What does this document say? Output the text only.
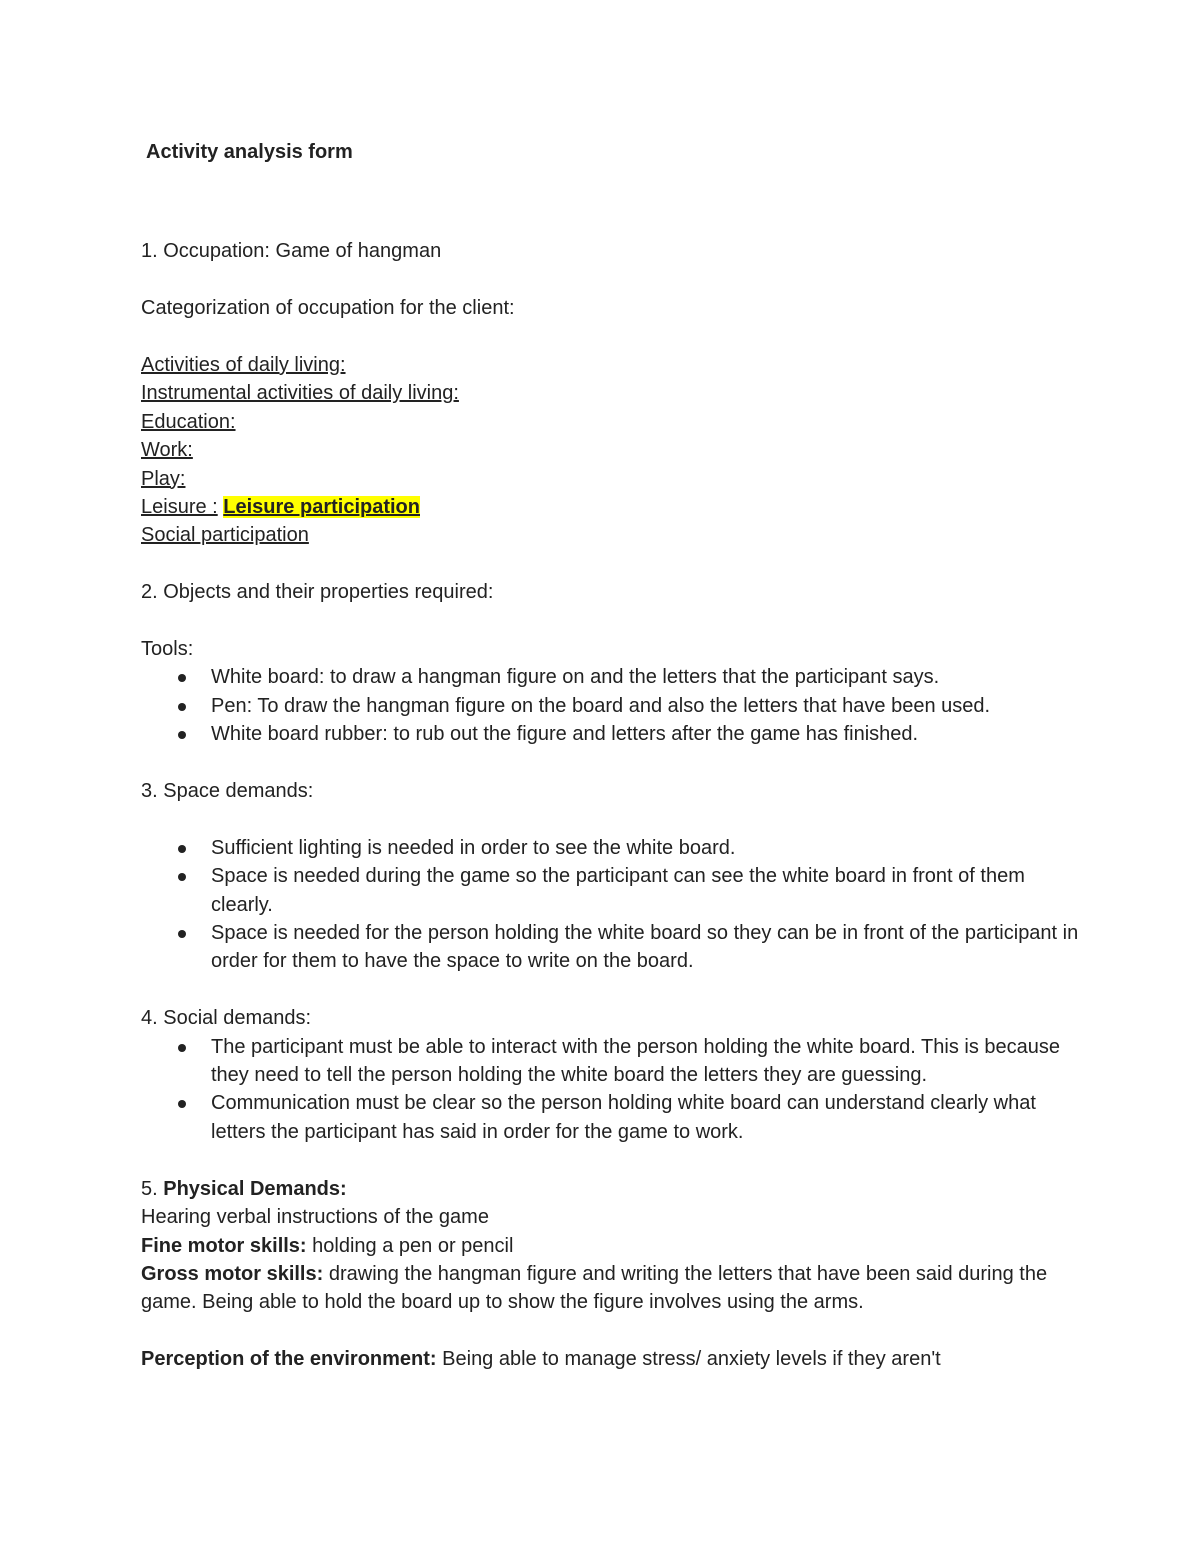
Activity analysis form
1. Occupation: Game of hangman
Categorization of occupation for the client:
Activities of daily living:
Instrumental activities of daily living:
Education:
Work:
Play:
Leisure : Leisure participation
Social participation
2. Objects and their properties required:
Tools:
White board: to draw a hangman figure on and the letters that the participant says.
Pen: To draw the hangman figure on the board and also the letters that have been used.
White board rubber: to rub out the figure and letters after the game has finished.
3. Space demands:
Sufficient lighting is needed in order to see the white board.
Space is needed during the game so the participant can see the white board in front of them clearly.
Space is needed for the person holding the white board so they can be in front of the participant in order for them to have the space to write on the board.
4. Social demands:
The participant must be able to interact with the person holding the white board. This is because they need to tell the person holding the white board the letters they are guessing.
Communication must be clear so the person holding white board can understand clearly what letters the participant has said in order for the game to work.
5. Physical Demands:
Hearing verbal instructions of the game
Fine motor skills: holding a pen or pencil
Gross motor skills: drawing the hangman figure and writing the letters that have been said during the game. Being able to hold the board up to show the figure involves using the arms.
Perception of the environment: Being able to manage stress/ anxiety levels if they aren't
